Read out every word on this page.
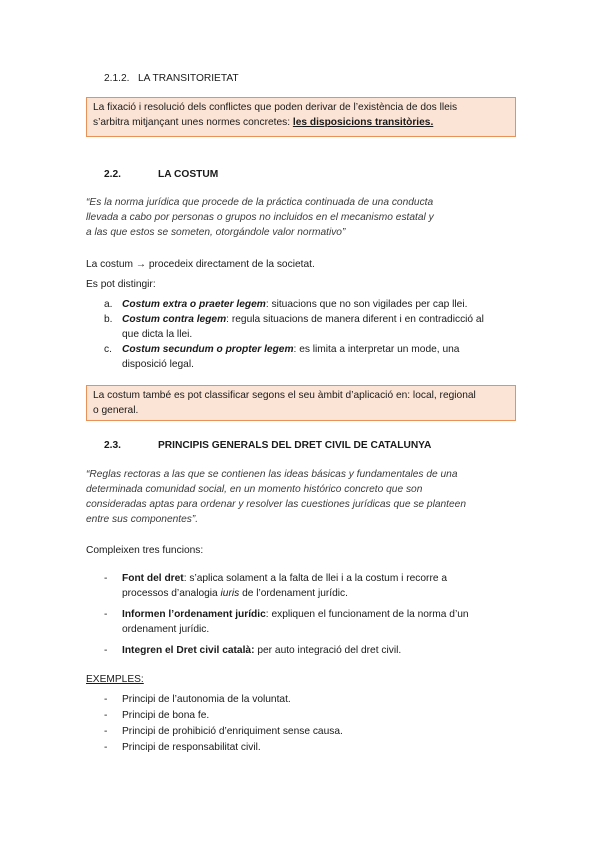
2.1.2. LA TRANSITORIETAT
La fixació i resolució dels conflictes que poden derivar de l’existència de dos lleis
s’arbitra mitjançant unes normes concretes: les disposicions transitòries.
2.2.	LA COSTUM
“Es la norma jurídica que procede de la práctica continuada de una conducta
llevada a cabo por personas o grupos no incluidos en el mecanismo estatal y
a las que estos se someten, otorgándole valor normativo”
La costum → procedeix directament de la societat.
Es pot distingir:
a. Costum extra o praeter legem: situacions que no son vigilades per cap llei.
b. Costum contra legem: regula situacions de manera diferent i en contradicció al
que dicta la llei.
c. Costum secundum o propter legem: es limita a interpretar un mode, una
disposició legal.
La costum també es pot classificar segons el seu àmbit d’aplicació en: local, regional
o general.
2.3.	PRINCIPIS GENERALS DEL DRET CIVIL DE CATALUNYA
“Reglas rectoras a las que se contienen las ideas básicas y fundamentales de una
determinada comunidad social, en un momento histórico concreto que son
consideradas aptas para ordenar y resolver las cuestiones jurídicas que se planteen
entre sus componentes”.
Compleixen tres funcions:
- Font del dret: s’aplica solament a la falta de llei i a la costum i recorre a
processos d’analogia iuris de l’ordenament jurídic.
- Informen l’ordenament jurídic: expliquen el funcionament de la norma d’un
ordenament jurídic.
- Integren el Dret civil català: per auto integració del dret civil.
EXEMPLES:
- Principi de l’autonomia de la voluntat.
- Principi de bona fe.
- Principi de prohibició d’enriquiment sense causa.
- Principi de responsabilitat civil.
